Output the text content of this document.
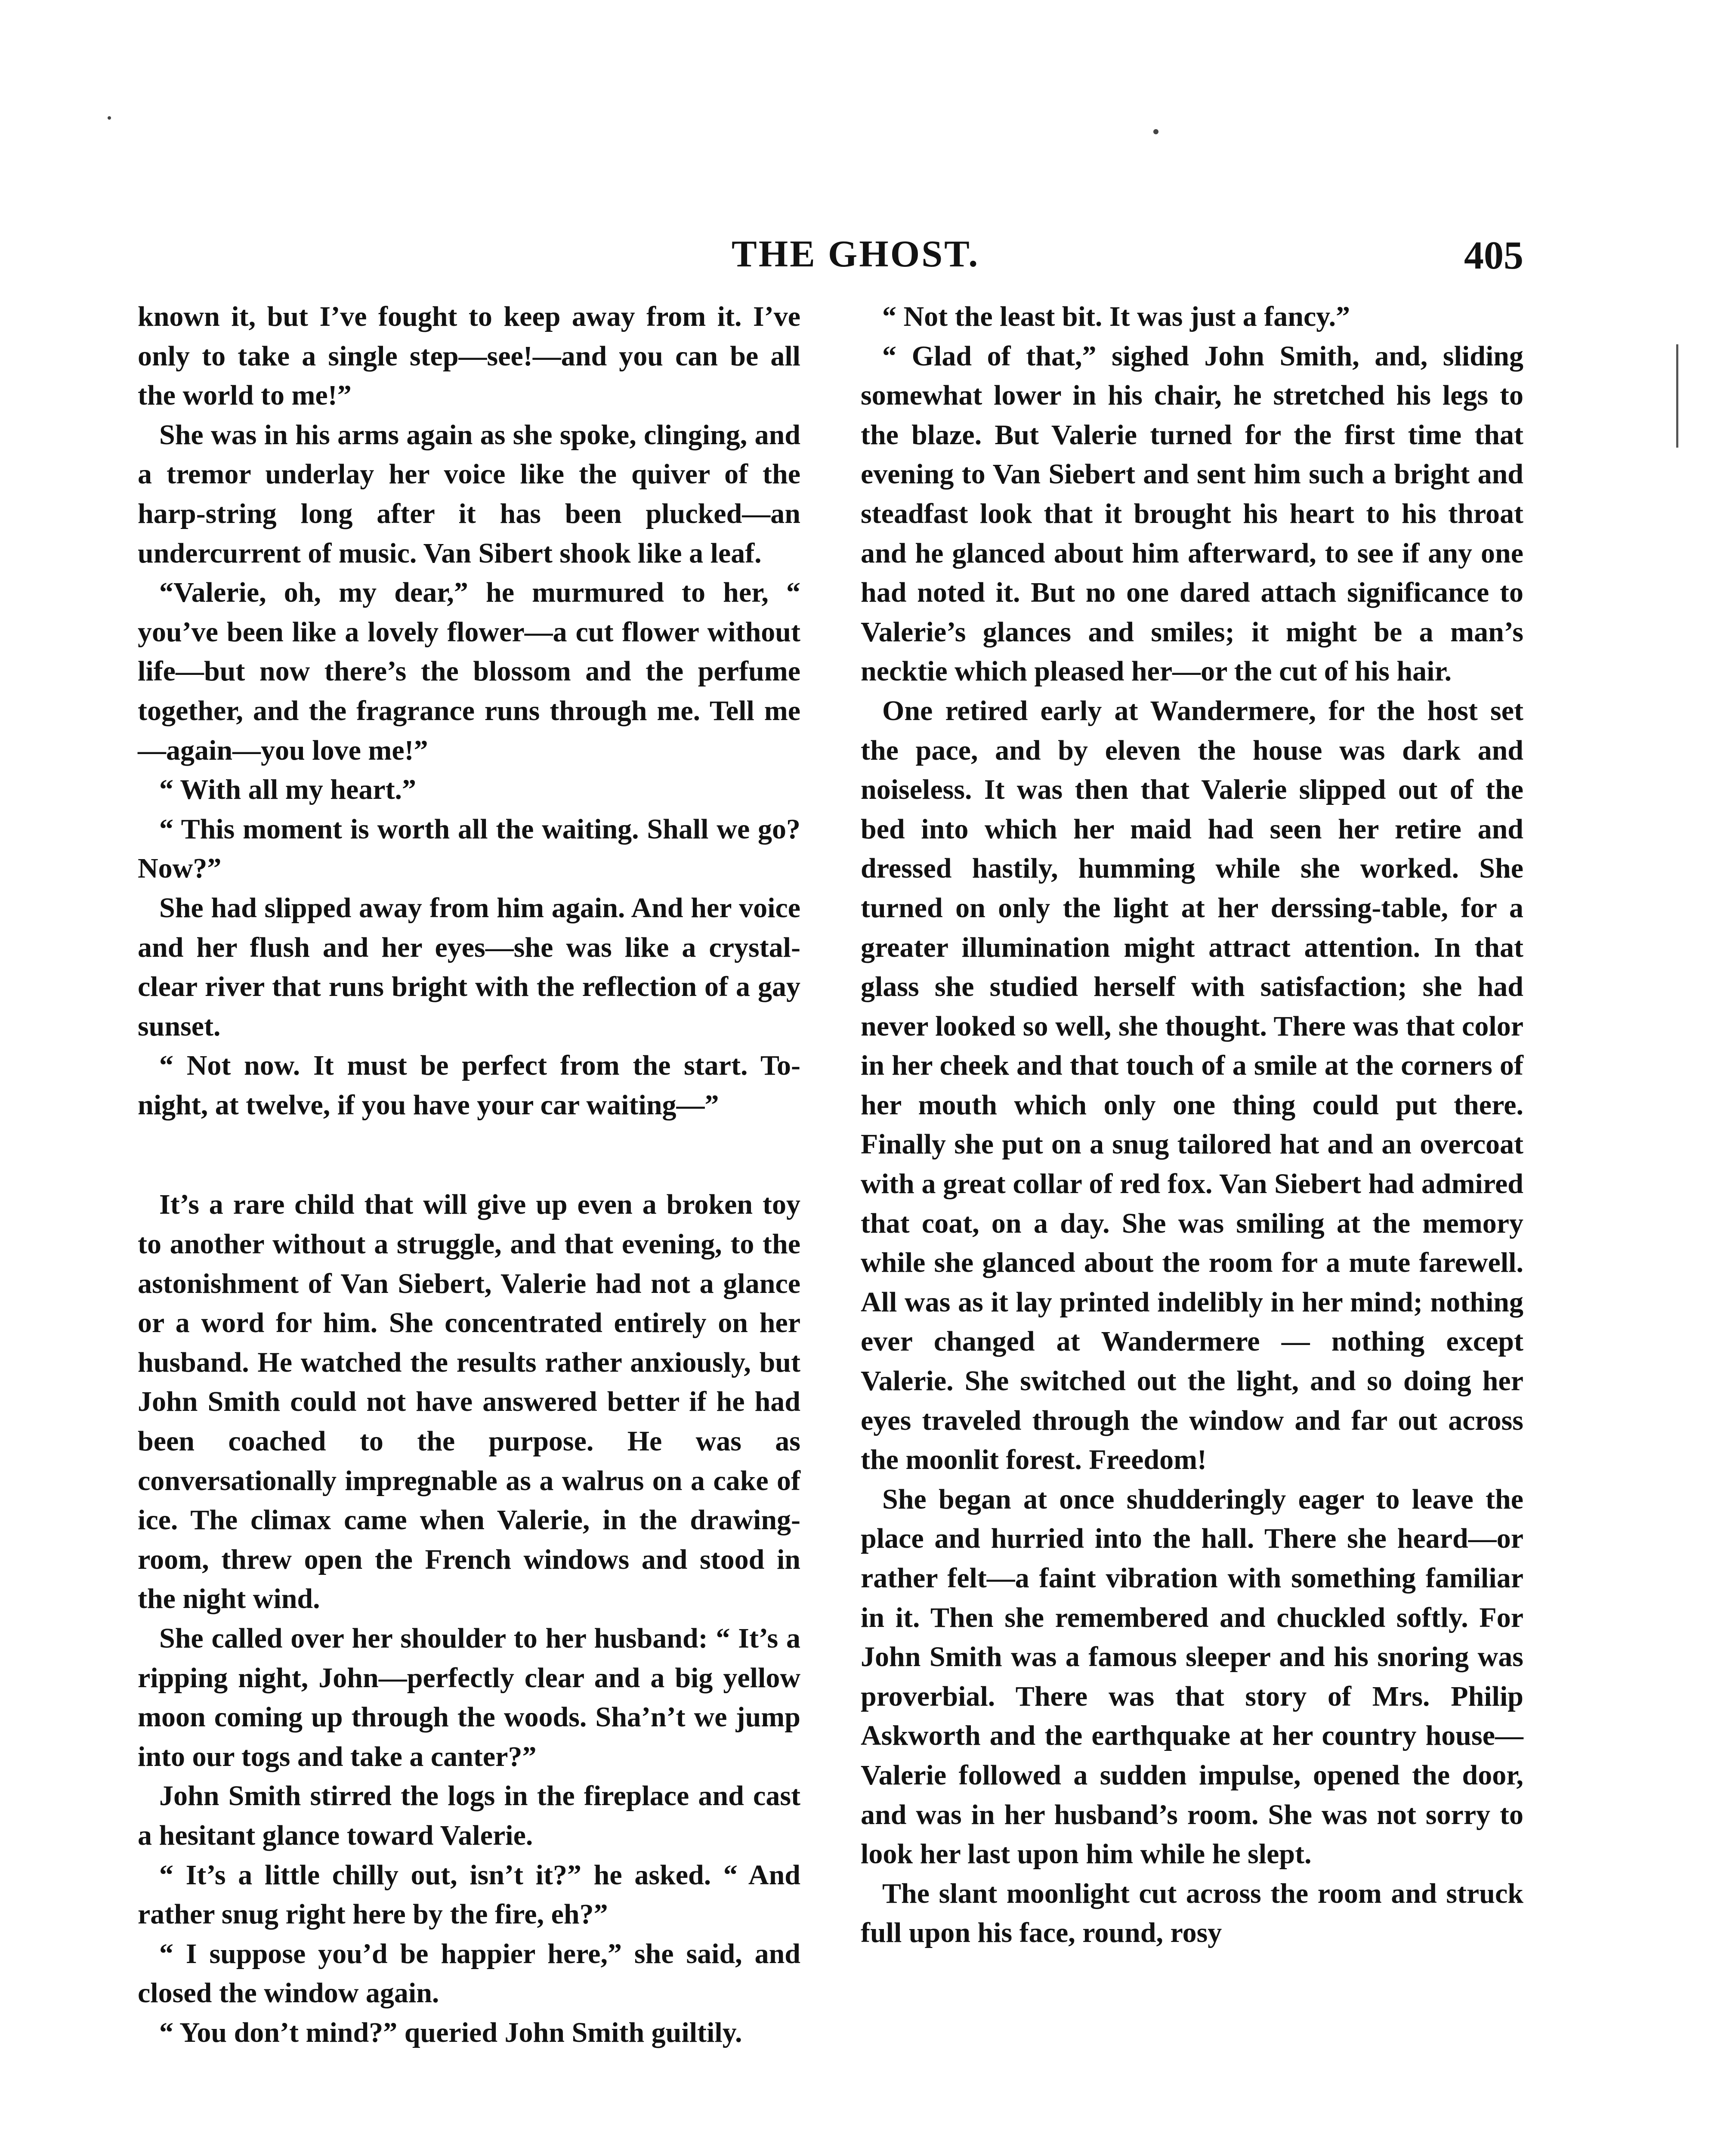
THE GHOST.	405

known it, but I’ve fought to keep away from it. I’ve only to take a single step—see!—and you can be all the world to me!”

She was in his arms again as she spoke, clinging, and a tremor underlay her voice like the quiver of the harp-string long after it has been plucked—an undercurrent of music. Van Sibert shook like a leaf.

“Valerie, oh, my dear,” he murmured to her, “ you’ve been like a lovely flower—a cut flower without life—but now there’s the blossom and the perfume together, and the fragrance runs through me. Tell me—again—you love me!”

“ With all my heart.”

“ This moment is worth all the waiting. Shall we go? Now?”

She had slipped away from him again. And her voice and her flush and her eyes—she was like a crystal-clear river that runs bright with the reflection of a gay sunset.

“ Not now. It must be perfect from the start. To-night, at twelve, if you have your car waiting—”

It’s a rare child that will give up even a broken toy to another without a struggle, and that evening, to the astonishment of Van Siebert, Valerie had not a glance or a word for him. She concentrated entirely on her husband. He watched the results rather anxiously, but John Smith could not have answered better if he had been coached to the purpose. He was as conversationally impregnable as a walrus on a cake of ice. The climax came when Valerie, in the drawing-room, threw open the French windows and stood in the night wind.

She called over her shoulder to her husband: “ It’s a ripping night, John—perfectly clear and a big yellow moon coming up through the woods. Sha’n’t we jump into our togs and take a canter?”

John Smith stirred the logs in the fireplace and cast a hesitant glance toward Valerie.

“ It’s a little chilly out, isn’t it?” he asked. “ And rather snug right here by the fire, eh?”

“ I suppose you’d be happier here,” she said, and closed the window again.

“ You don’t mind?” queried John Smith guiltily.

“ Not the least bit. It was just a fancy.”

“ Glad of that,” sighed John Smith, and, sliding somewhat lower in his chair, he stretched his legs to the blaze. But Valerie turned for the first time that evening to Van Siebert and sent him such a bright and steadfast look that it brought his heart to his throat and he glanced about him afterward, to see if any one had noted it. But no one dared attach significance to Valerie’s glances and smiles; it might be a man’s necktie which pleased her—or the cut of his hair.

One retired early at Wandermere, for the host set the pace, and by eleven the house was dark and noiseless. It was then that Valerie slipped out of the bed into which her maid had seen her retire and dressed hastily, humming while she worked. She turned on only the light at her derssing-table, for a greater illumination might attract attention. In that glass she studied herself with satisfaction; she had never looked so well, she thought. There was that color in her cheek and that touch of a smile at the corners of her mouth which only one thing could put there. Finally she put on a snug tailored hat and an overcoat with a great collar of red fox. Van Siebert had admired that coat, on a day. She was smiling at the memory while she glanced about the room for a mute farewell. All was as it lay printed indelibly in her mind; nothing ever changed at Wandermere — nothing except Valerie. She switched out the light, and so doing her eyes traveled through the window and far out across the moonlit forest. Freedom!

She began at once shudderingly eager to leave the place and hurried into the hall. There she heard—or rather felt—a faint vibration with something familiar in it. Then she remembered and chuckled softly. For John Smith was a famous sleeper and his snoring was proverbial. There was that story of Mrs. Philip Askworth and the earthquake at her country house—Valerie followed a sudden impulse, opened the door, and was in her husband’s room. She was not sorry to look her last upon him while he slept.

The slant moonlight cut across the room and struck full upon his face, round, rosy
